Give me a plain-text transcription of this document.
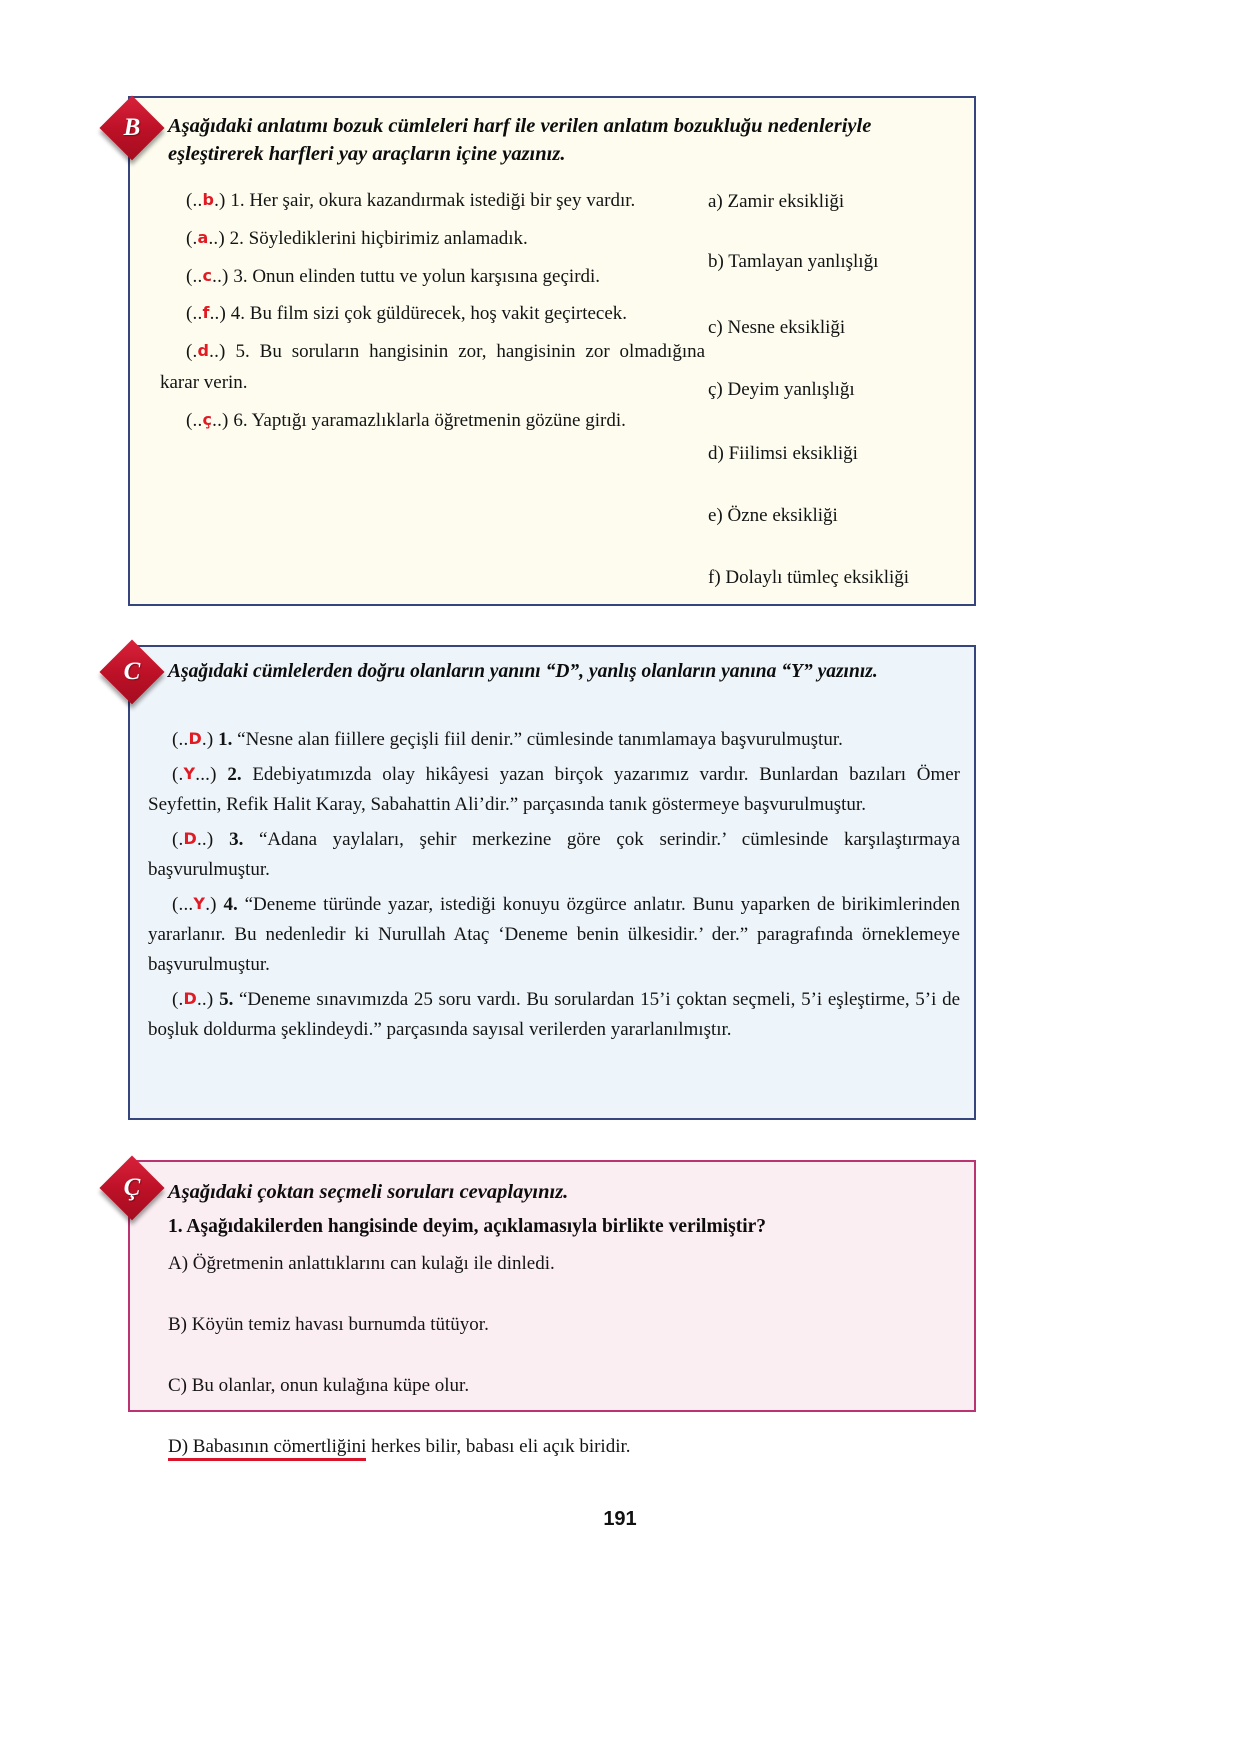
Aşağıdaki anlatımı bozuk cümleleri harf ile verilen anlatım bozukluğu nedenleriyle eşleştirerek harfleri yay araçların içine yazınız.

(..b.) 1. Her şair, okura kazandırmak istediği bir şey vardır.

(.a..) 2. Söylediklerini hiçbirimiz anlamadık.

(..c..) 3. Onun elinden tuttu ve yolun karşısına geçirdi.

(..f..) 4. Bu film sizi çok güldürecek, hoş vakit geçirtecek.

(.d..) 5. Bu soruların hangisinin zor, hangisinin zor olmadığına karar verin.

(..ç..) 6. Yaptığı yaramazlıklarla öğretmenin gözüne girdi.

a) Zamir eksikliği

b) Tamlayan yanlışlığı

c) Nesne eksikliği

ç) Deyim yanlışlığı

d) Fiilimsi eksikliği

e) Özne eksikliği

f) Dolaylı tümleç eksikliği

B
Aşağıdaki cümlelerden doğru olanların yanını “D”, yanlış olanların yanına “Y” yazınız.

(..D.) 1. “Nesne alan fiillere geçişli fiil denir.” cümlesinde tanımlamaya başvurulmuştur.

(.Y...) 2. Edebiyatımızda olay hikâyesi yazan birçok yazarımız vardır. Bunlardan bazıları Ömer Seyfettin, Refik Halit Karay, Sabahattin Ali’dir.” parçasında tanık göstermeye başvurulmuştur.

(.D..) 3. “Adana yaylaları, şehir merkezine göre çok serindir.’ cümlesinde karşılaştırmaya başvurulmuştur.

(...Y.) 4. “Deneme türünde yazar, istediği konuyu özgürce anlatır. Bunu yaparken de birikimlerinden yararlanır. Bu nedenledir ki Nurullah Ataç ‘Deneme benin ülkesidir.’ der.” paragrafında örneklemeye başvurulmuştur.

(.D..) 5. “Deneme sınavımızda 25 soru vardı. Bu sorulardan 15’i çoktan seçmeli, 5’i eşleştirme, 5’i de boşluk doldurma şeklindeydi.” parçasında sayısal verilerden yararlanılmıştır.

C
Aşağıdaki çoktan seçmeli soruları cevaplayınız.
1. Aşağıdakilerden hangisinde deyim, açıklamasıyla birlikte verilmiştir?
A) Öğretmenin anlattıklarını can kulağı ile dinledi.
B) Köyün temiz havası burnumda tütüyor.
C) Bu olanlar, onun kulağına küpe olur.
D) Babasının cömertliğini herkes bilir, babası eli açık biridir.
Ç
191
